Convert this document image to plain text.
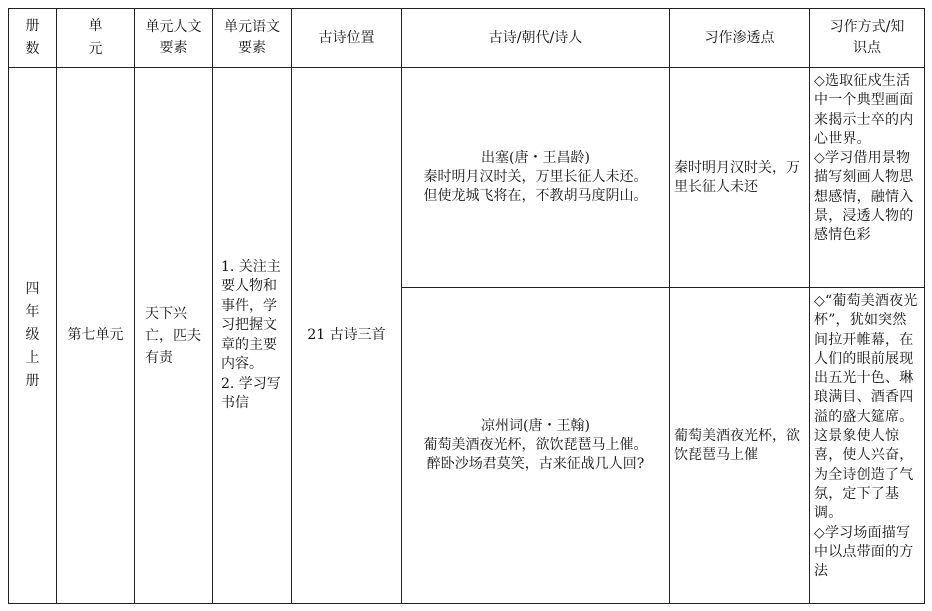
册数	单元	单元人文要素	单元语文要素	古诗位置	古诗/朝代/诗人	习作渗透点	习作方式/知识点
四年级上册	第七单元	天下兴亡，匹夫有责	1. 关注主要人物和事件，学习把握文章的主要内容。
2. 学习写书信	21 古诗三首	出塞(唐・王昌龄)
秦时明月汉时关，万里长征人未还。
但使龙城飞将在，不教胡马度阴山。	秦时明月汉时关，万里长征人未还	◇选取征戍生活中一个典型画面来揭示士卒的内心世界。
◇学习借用景物描写刻画人物思想感情，融情入景，浸透人物的感情色彩

					凉州词(唐・王翰)
葡萄美酒夜光杯，欲饮琵琶马上催。
醉卧沙场君莫笑，古来征战几人回?	葡萄美酒夜光杯，欲饮琵琶马上催	◇“葡萄美酒夜光杯”，犹如突然间拉开帷幕，在人们的眼前展现出五光十色、琳琅满目、酒香四溢的盛大筵席。这景象使人惊喜，使人兴奋，为全诗创造了气氛，定下了基调。
◇学习场面描写中以点带面的方法
